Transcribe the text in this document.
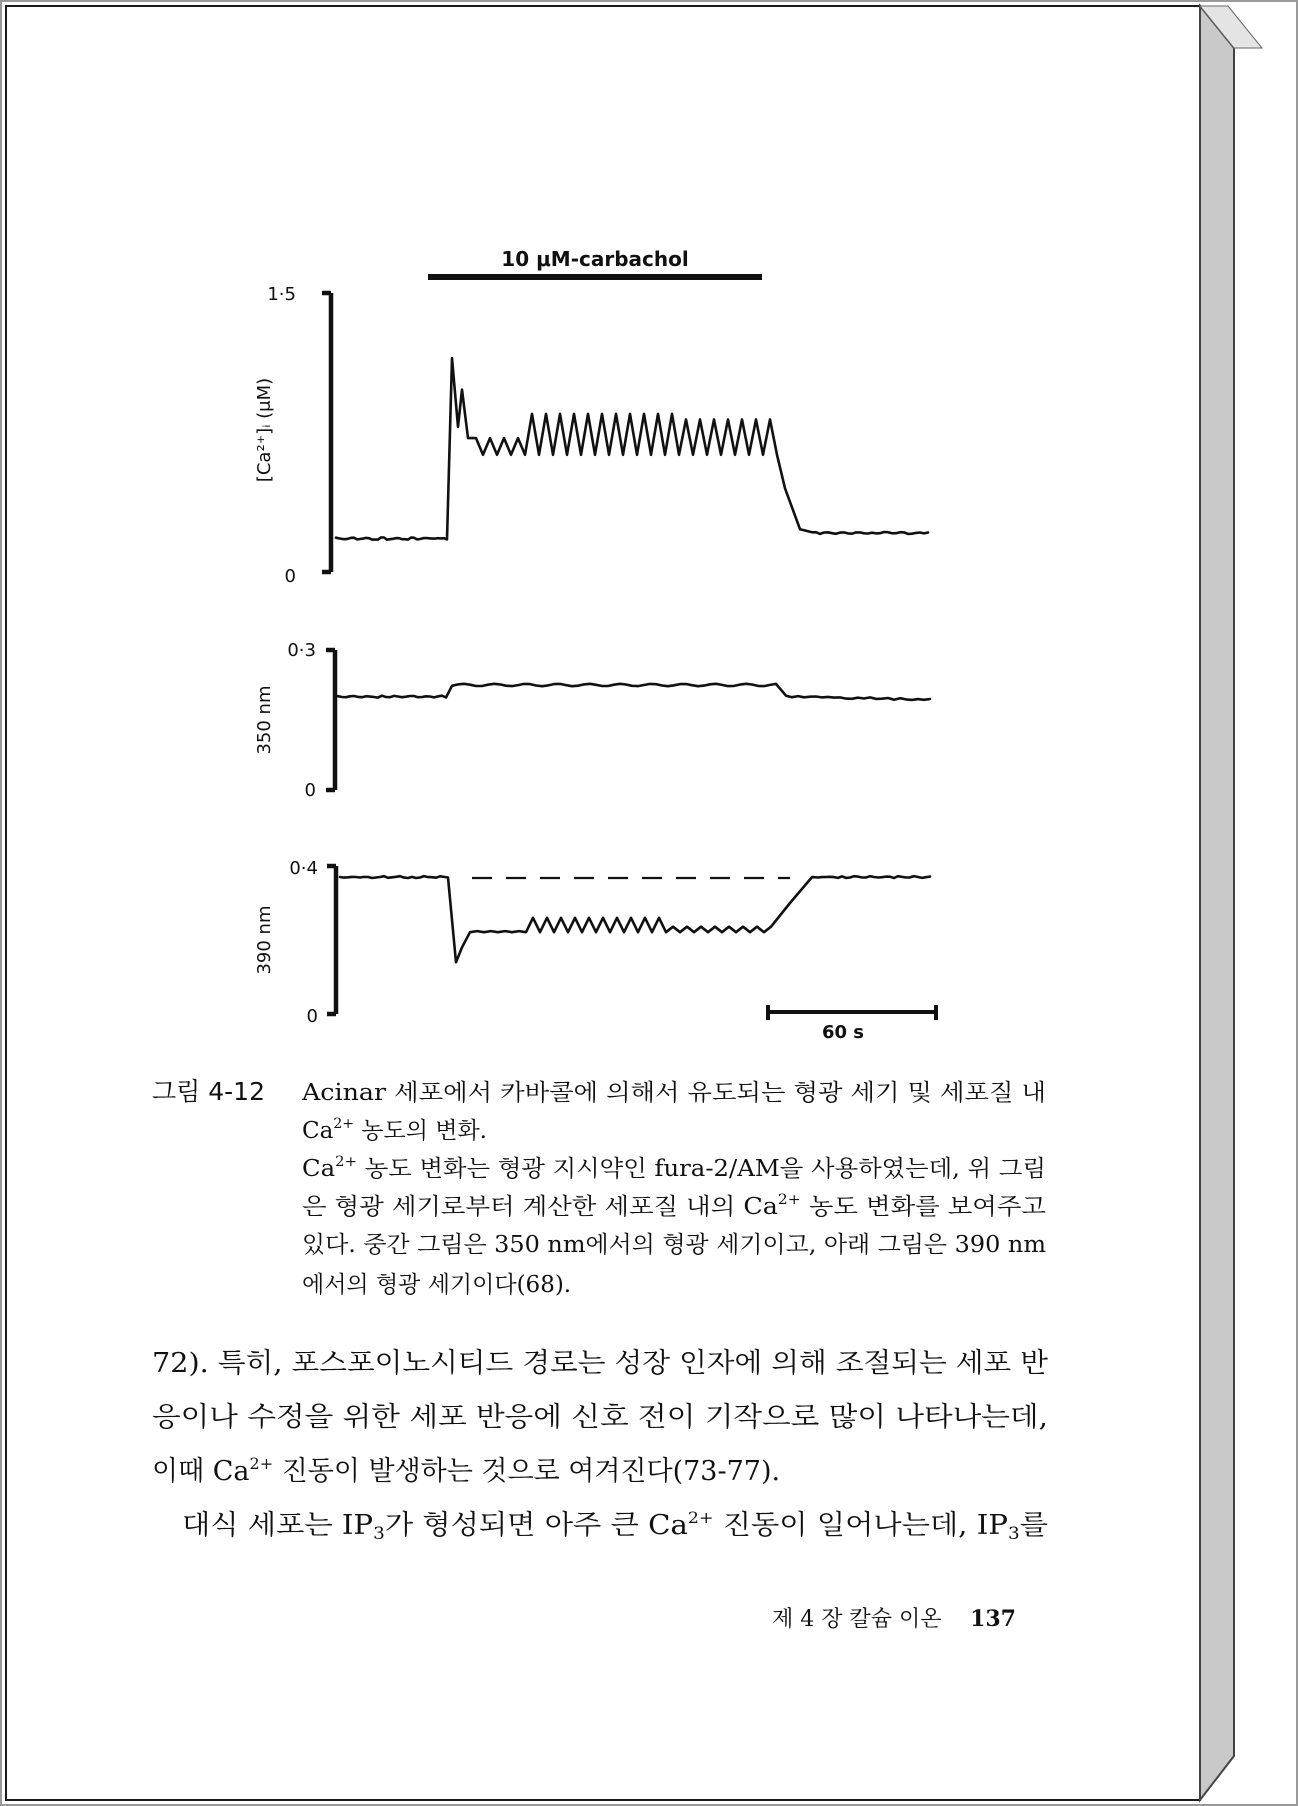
10 μM-carbachol
1·5
0
[Ca²⁺]ᵢ (μM)
0·3
0
350 nm
0·4
0
390 nm
60 s
그림 4-12 Acinar 세포에서 카바콜에 의해서 유도되는 형광 세기 및 세포질 내
$Ca^{2+}$ 농도의 변화.
Ca $^{2+}$ 농도 변화는 형광 지시약인 fura-2/AM을 사용하였는데, 위 그림
은 형광 세기로부터 계산한 세포질 내의 Ca	$^{2+}$ 농도 변화를 보여주고
있다. 중간 그림은 350 nm에서의 형광 세기이고, 아래 그림은 390 nm
에서의 형광 세기이다(68).
72). 특히, 포스포이노시티드 경로는 성장 인자에 의해 조절되는 세포 반
응이나 수정을 위한 세포 반응에 신호 전이 기작으로 많이 나타나는데,
이때 $Ca^{2+}$ 진동이 발생하는 것으로 여겨진다(73-77).
대식 세포는 IP 3가 형성되면 아주 큰 Ca $^{2+}$ 진동이 일어나는데, IP 3를
제 4 장 칼슘 이온 137
